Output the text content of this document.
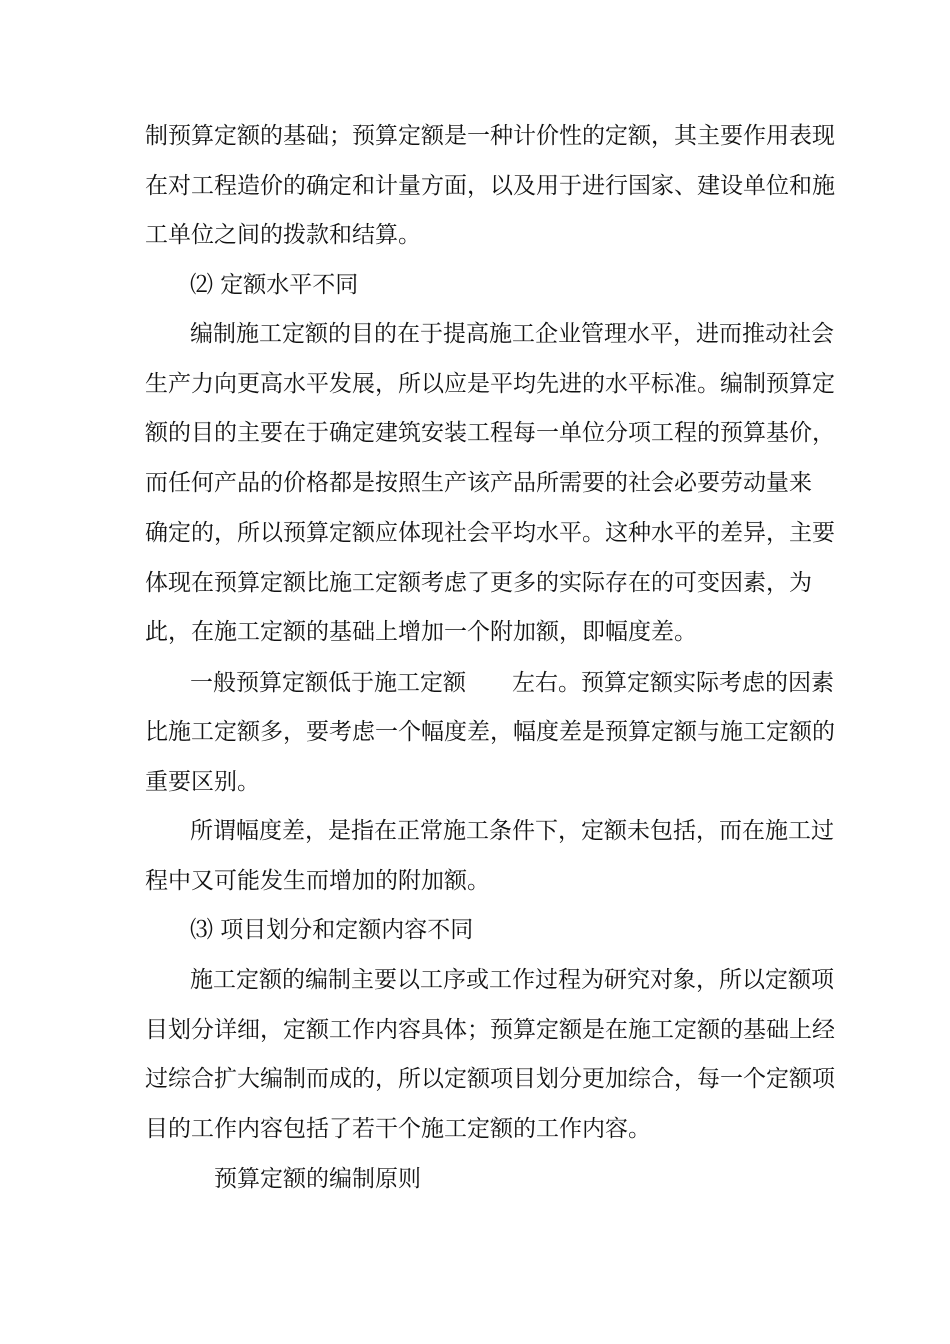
制预算定额的基础；预算定额是一种计价性的定额，其主要作用表现

在对工程造价的确定和计量方面，以及用于进行国家、建设单位和施

工单位之间的拨款和结算。

⑵ 定额水平不同

编制施工定额的目的在于提高施工企业管理水平，进而推动社会

生产力向更高水平发展，所以应是平均先进的水平标准。编制预算定

额的目的主要在于确定建筑安装工程每一单位分项工程的预算基价，

而任何产品的价格都是按照生产该产品所需要的社会必要劳动量来

确定的，所以预算定额应体现社会平均水平。这种水平的差异，主要

体现在预算定额比施工定额考虑了更多的实际存在的可变因素，为

此，在施工定额的基础上增加一个附加额，即幅度差。

一般预算定额低于施工定额　　左右。预算定额实际考虑的因素

比施工定额多，要考虑一个幅度差，幅度差是预算定额与施工定额的

重要区别。

所谓幅度差，是指在正常施工条件下，定额未包括，而在施工过

程中又可能发生而增加的附加额。

⑶ 项目划分和定额内容不同

施工定额的编制主要以工序或工作过程为研究对象，所以定额项

目划分详细，定额工作内容具体；预算定额是在施工定额的基础上经

过综合扩大编制而成的，所以定额项目划分更加综合，每一个定额项

目的工作内容包括了若干个施工定额的工作内容。

预算定额的编制原则
